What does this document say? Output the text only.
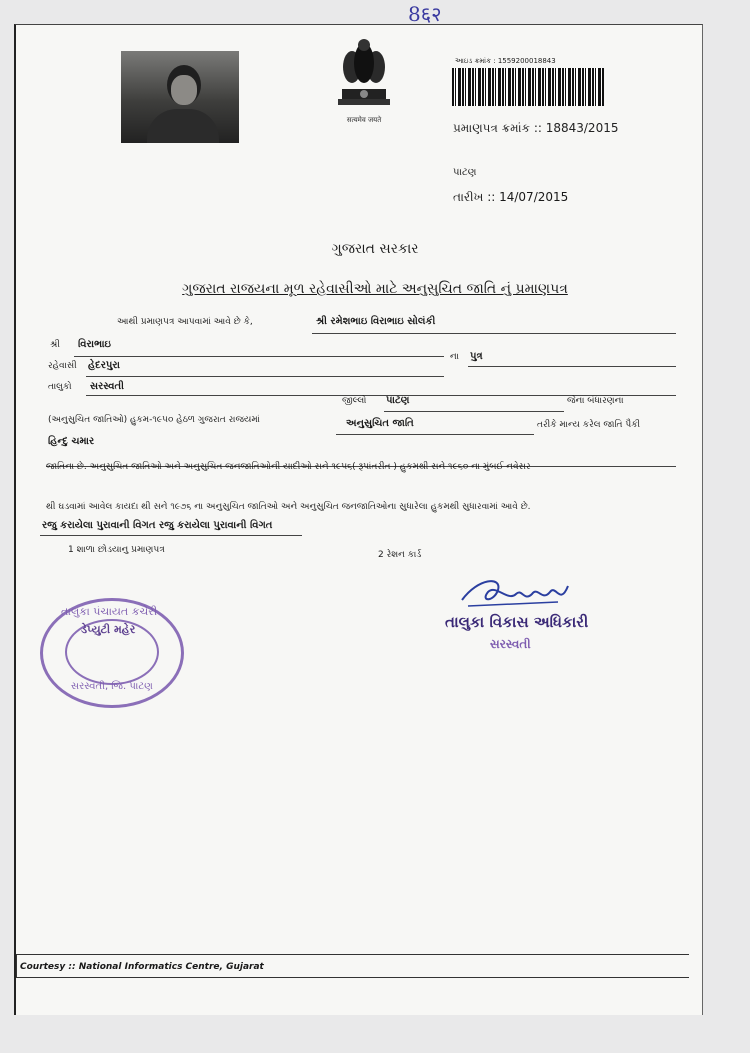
8६२
सत्यमेव जयते
આઇડ ક્રમાંક : 1559200018843
પ્રમાણપત્ર ક્રમાંક :: 18843/2015
પાટણ
તારીખ :: 14/07/2015
ગુજરાત સરકાર
ગુજરાત રાજયના મૂળ રહેવાસીઓ માટે અનુસુચિત જાતિ નું પ્રમાણપત્ર
આથી પ્રમાણપત્ર આપવામાં આવે છે કે,	શ્રી રમેશભાઇ વિરાભાઇ સોલંકી
શ્રી વિરાભાઇ
ના પુત્ર
રહેવાસી હેદરપુરા
તાલુકો સરસ્વતી
જીલ્લો પાટણ	જેના બંધારણના
(અનુસુચિત જાતિઓ) હુકમ-૧૯૫૦ હેઠળ ગુજરાત રાજયમાં	અનુસુચિત જાતિ	તરીકે માન્ય કરેલ જાતિ પૈકી
હિન્દુ ચમાર
જાતિના છે. અનુસુચિત જાતિઓ અને અનુસુચિત જનજાતિઓની યાદીઓ સને ૧૯૫૬( રૂપાંતરીત ) હુકમથી સને ૧૯૬૦ ના મુંબઈ નવેસર
થી ઘડવામાં આવેલ કાયદા થી સને ૧૯૭૬ ના અનુસુચિત જાતિઓ અને અનુસુચિત જનજાતિઓના સુધારેલા હુકમથી સુધારવામાં આવે છે.
રજુ કરાયેલા પુરાવાની વિગત રજુ કરાયેલા પુરાવાની વિગત
1 શાળા છોડયાનુ પ્રમાણપત્ર	2 રેશન કાર્ડ
તાલુકા પંચાયત કચેરી
ડેપ્યુટી મહેર
સરસ્વતી, જિ. પાટણ
તાલુકા વિકાસ અધિકારી
સરસ્વતી
Courtesy :: National Informatics Centre, Gujarat
